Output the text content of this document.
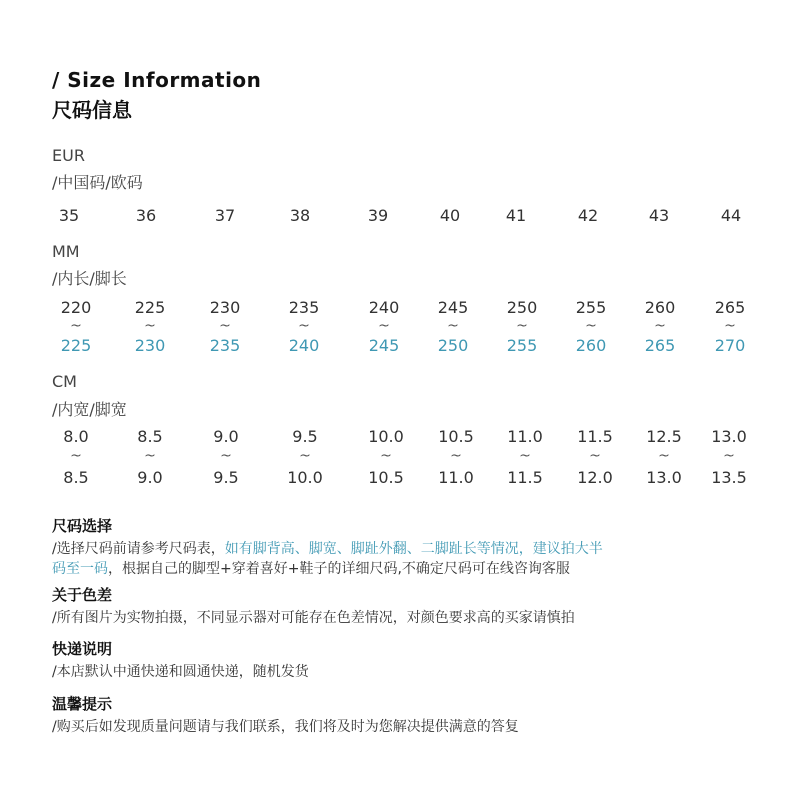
/ Size Information
尺码信息
EUR
/中国码/欧码
35	36	37	38	39	40	41	42	43	44
MM
/内长/脚长
220	225	230	235	240	245	250	255	260	265
~	~	~	~	~	~	~	~	~	~
225	230	235	240	245	250	255	260	265	270
CM
/内宽/脚宽
8.0	8.5	9.0	9.5	10.0	10.5	11.0	11.5	12.5	13.0
~	~	~	~	~	~	~	~	~	~
8.5	9.0	9.5	10.0	10.5	11.0	11.5	12.0	13.0	13.5
尺码选择
/选择尺码前请参考尺码表，如有脚背高、脚宽、脚趾外翻、二脚趾长等情况，建议拍大半
码至一码，根据自己的脚型+穿着喜好+鞋子的详细尺码,不确定尺码可在线咨询客服
关于色差
/所有图片为实物拍摄，不同显示器对可能存在色差情况，对颜色要求高的买家请慎拍
快递说明
/本店默认中通快递和圆通快递，随机发货
温馨提示
/购买后如发现质量问题请与我们联系，我们将及时为您解决提供满意的答复
